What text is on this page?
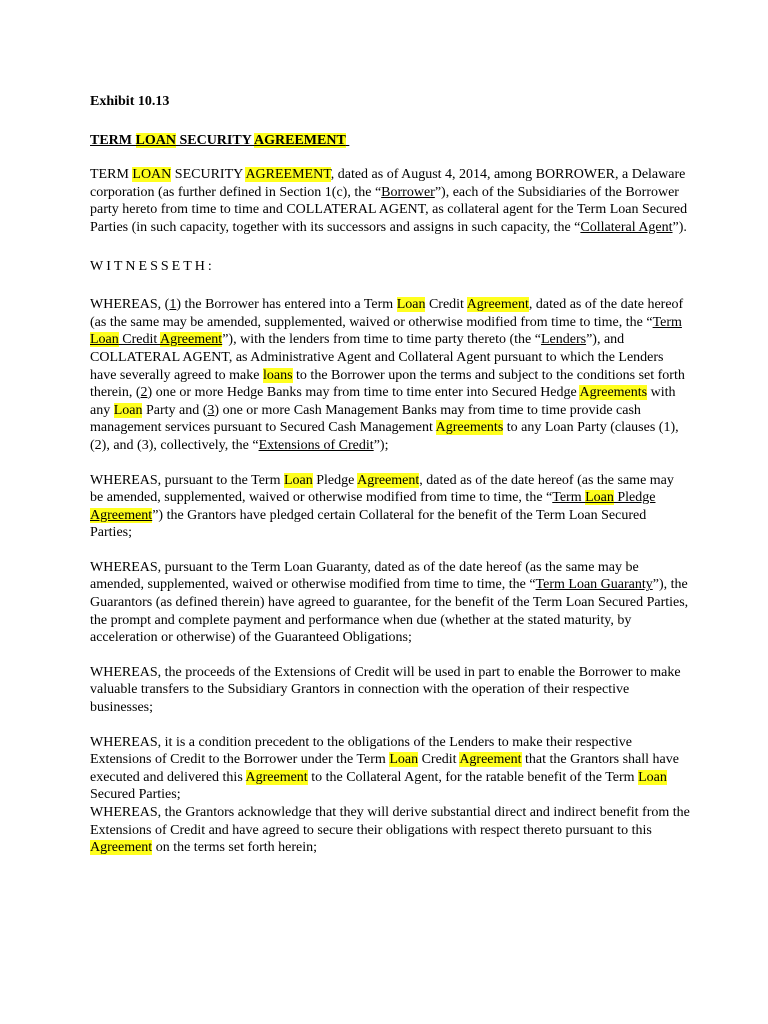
Exhibit 10.13

TERM LOAN SECURITY AGREEMENT

TERM LOAN SECURITY AGREEMENT, dated as of August 4, 2014, among BORROWER, a Delaware corporation (as further defined in Section 1(c), the “Borrower”), each of the Subsidiaries of the Borrower party hereto from time to time and COLLATERAL AGENT, as collateral agent for the Term Loan Secured Parties (in such capacity, together with its successors and assigns in such capacity, the “Collateral Agent”).

WITNESSETH:

WHEREAS, (1) the Borrower has entered into a Term Loan Credit Agreement, dated as of the date hereof (as the same may be amended, supplemented, waived or otherwise modified from time to time, the “Term Loan Credit Agreement”), with the lenders from time to time party thereto (the “Lenders”), and COLLATERAL AGENT, as Administrative Agent and Collateral Agent pursuant to which the Lenders have severally agreed to make loans to the Borrower upon the terms and subject to the conditions set forth therein, (2) one or more Hedge Banks may from time to time enter into Secured Hedge Agreements with any Loan Party and (3) one or more Cash Management Banks may from time to time provide cash management services pursuant to Secured Cash Management Agreements to any Loan Party (clauses (1), (2), and (3), collectively, the “Extensions of Credit”);

WHEREAS, pursuant to the Term Loan Pledge Agreement, dated as of the date hereof (as the same may be amended, supplemented, waived or otherwise modified from time to time, the “Term Loan Pledge Agreement”) the Grantors have pledged certain Collateral for the benefit of the Term Loan Secured Parties;

WHEREAS, pursuant to the Term Loan Guaranty, dated as of the date hereof (as the same may be amended, supplemented, waived or otherwise modified from time to time, the “Term Loan Guaranty”), the Guarantors (as defined therein) have agreed to guarantee, for the benefit of the Term Loan Secured Parties, the prompt and complete payment and performance when due (whether at the stated maturity, by acceleration or otherwise) of the Guaranteed Obligations;

WHEREAS, the proceeds of the Extensions of Credit will be used in part to enable the Borrower to make valuable transfers to the Subsidiary Grantors in connection with the operation of their respective businesses;

WHEREAS, it is a condition precedent to the obligations of the Lenders to make their respective Extensions of Credit to the Borrower under the Term Loan Credit Agreement that the Grantors shall have executed and delivered this Agreement to the Collateral Agent, for the ratable benefit of the Term Loan Secured Parties;

WHEREAS, the Grantors acknowledge that they will derive substantial direct and indirect benefit from the Extensions of Credit and have agreed to secure their obligations with respect thereto pursuant to this Agreement on the terms set forth herein;
